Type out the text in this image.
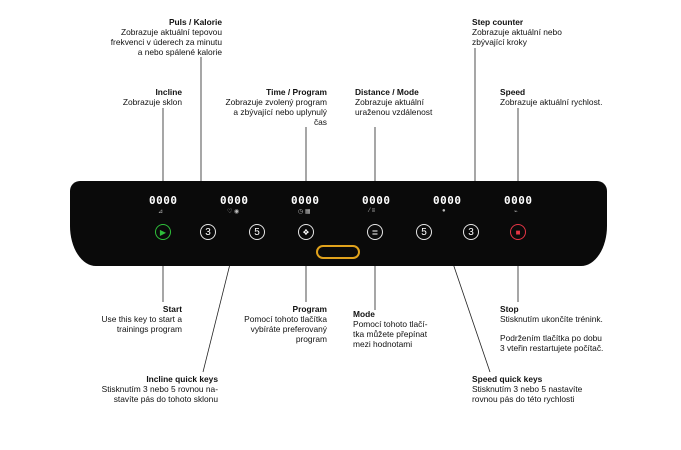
Puls / Kalorie
Zobrazuje aktuální tepovou
frekvenci v úderech za minutu
a nebo spálené kalorie
Step counter
Zobrazuje aktuální nebo
zbývající kroky
Incline
Zobrazuje sklon
Time / Program
Zobrazuje zvolený program
a zbývající nebo uplynulý
čas
Distance / Mode
Zobrazuje aktuální
uraženou vzdálenost
Speed
Zobrazuje aktuální rychlost.
0000
⊿
0000
♡ ◉
0000
◷ ▦
0000
⁄ ≡
0000
●
0000
⌁
▶	3	5	❖	≣	5	3	■
Start
Use this key to start a
trainings program
Program
Pomocí tohoto tlačítka
vybíráte preferovaný
program
Mode
Pomocí tohoto tlačí-
tka můžete přepínat
mezi hodnotami
Stop
Stisknutím ukončíte trénink.
Podržením tlačítka po dobu
3 vteřin restartujete počítač.
Incline quick keys
Stisknutím 3 nebo 5 rovnou na-
stavíte pás do tohoto sklonu
Speed quick keys
Stisknutím 3 nebo 5 nastavíte
rovnou pás do této rychlosti
